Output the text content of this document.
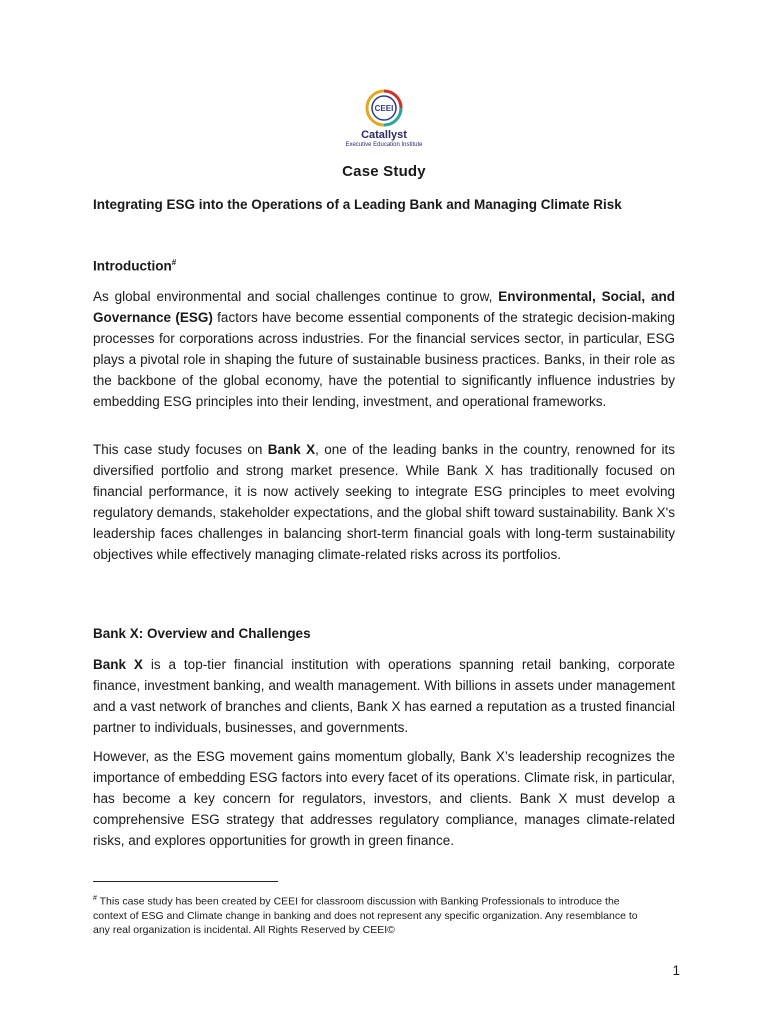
CEEI
Catallyst
Executive Education Institute
Case Study
Integrating ESG into the Operations of a Leading Bank and Managing Climate Risk
Introduction#
As global environmental and social challenges continue to grow, Environmental, Social, and Governance (ESG) factors have become essential components of the strategic decision-making processes for corporations across industries. For the financial services sector, in particular, ESG plays a pivotal role in shaping the future of sustainable business practices. Banks, in their role as the backbone of the global economy, have the potential to significantly influence industries by embedding ESG principles into their lending, investment, and operational frameworks.
This case study focuses on Bank X, one of the leading banks in the country, renowned for its diversified portfolio and strong market presence. While Bank X has traditionally focused on financial performance, it is now actively seeking to integrate ESG principles to meet evolving regulatory demands, stakeholder expectations, and the global shift toward sustainability. Bank X's leadership faces challenges in balancing short-term financial goals with long-term sustainability objectives while effectively managing climate-related risks across its portfolios.
Bank X: Overview and Challenges
Bank X is a top-tier financial institution with operations spanning retail banking, corporate finance, investment banking, and wealth management. With billions in assets under management and a vast network of branches and clients, Bank X has earned a reputation as a trusted financial partner to individuals, businesses, and governments.
However, as the ESG movement gains momentum globally, Bank X’s leadership recognizes the importance of embedding ESG factors into every facet of its operations. Climate risk, in particular, has become a key concern for regulators, investors, and clients. Bank X must develop a comprehensive ESG strategy that addresses regulatory compliance, manages climate-related risks, and explores opportunities for growth in green finance.
# This case study has been created by CEEI for classroom discussion with Banking Professionals to introduce the context of ESG and Climate change in banking and does not represent any specific organization. Any resemblance to any real organization is incidental. All Rights Reserved by CEEI©
1
